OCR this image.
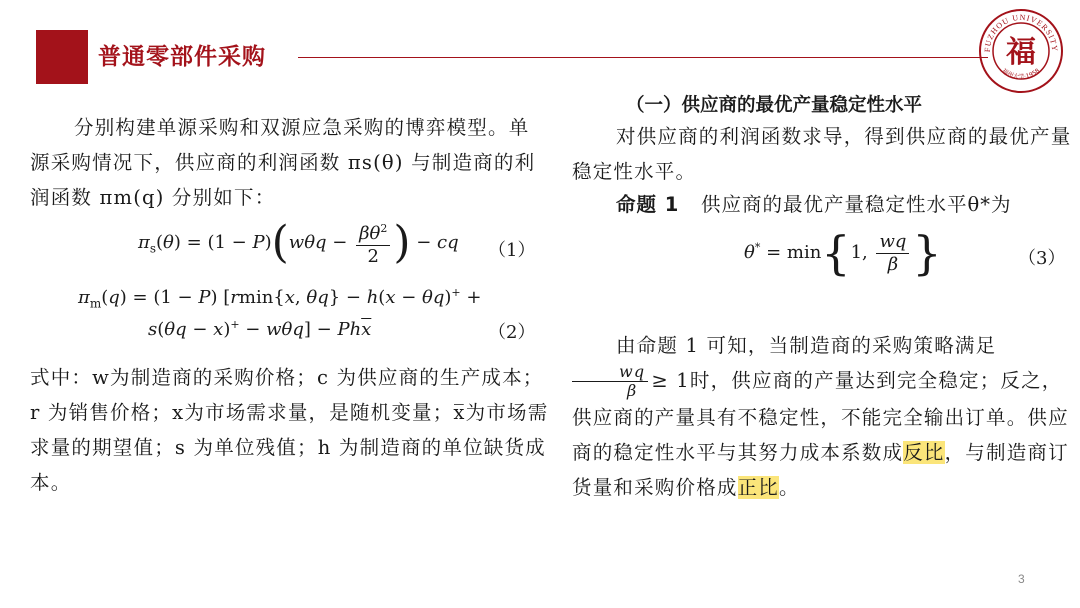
普通零部件采购	FUZHOU UNIVERSITY
福州大学·1958
福

分别构建单源采购和双源应急采购的博弈模型。单源采购情况下，供应商的利润函数 πs(θ) 与制造商的利润函数 πm(q) 分别如下：

$\pi_s(\theta) = (1 - P)(w\theta q - \frac{\beta\theta^2}{2}$ ) − cq （1）
$\pi_m(q) = (1 - P)$ [rmin{x, θq} − h(x − θq)+ +
$s(\theta q - x)^+ - w\theta q] - Ph\overline{x}$	（2）

式中：w为制造商的采购价格；c 为供应商的生产成本；r 为销售价格；x为市场需求量，是随机变量；x̅为市场需求量的期望值；s 为单位残值；h 为制造商的单位缺货成本。

（一）供应商的最优产量稳定性水平

对供应商的利润函数求导，得到供应商的最优产量稳定性水平。

命题 1 供应商的最优产量稳定性水平θ*为
θ* = min{1, $\frac{wq}{\beta}$ }	（3）

由命题 1 可知，当制造商的采购策略满足

$\frac{wq}{\beta} \ge 1$时，供应商的产量达到完全稳定；反之，供应商的产量具有不稳定性，不能完全输出订单。供应商的稳定性水平与其努力成本系数成反比，与制造商订货量和采购价格成正比。

3
